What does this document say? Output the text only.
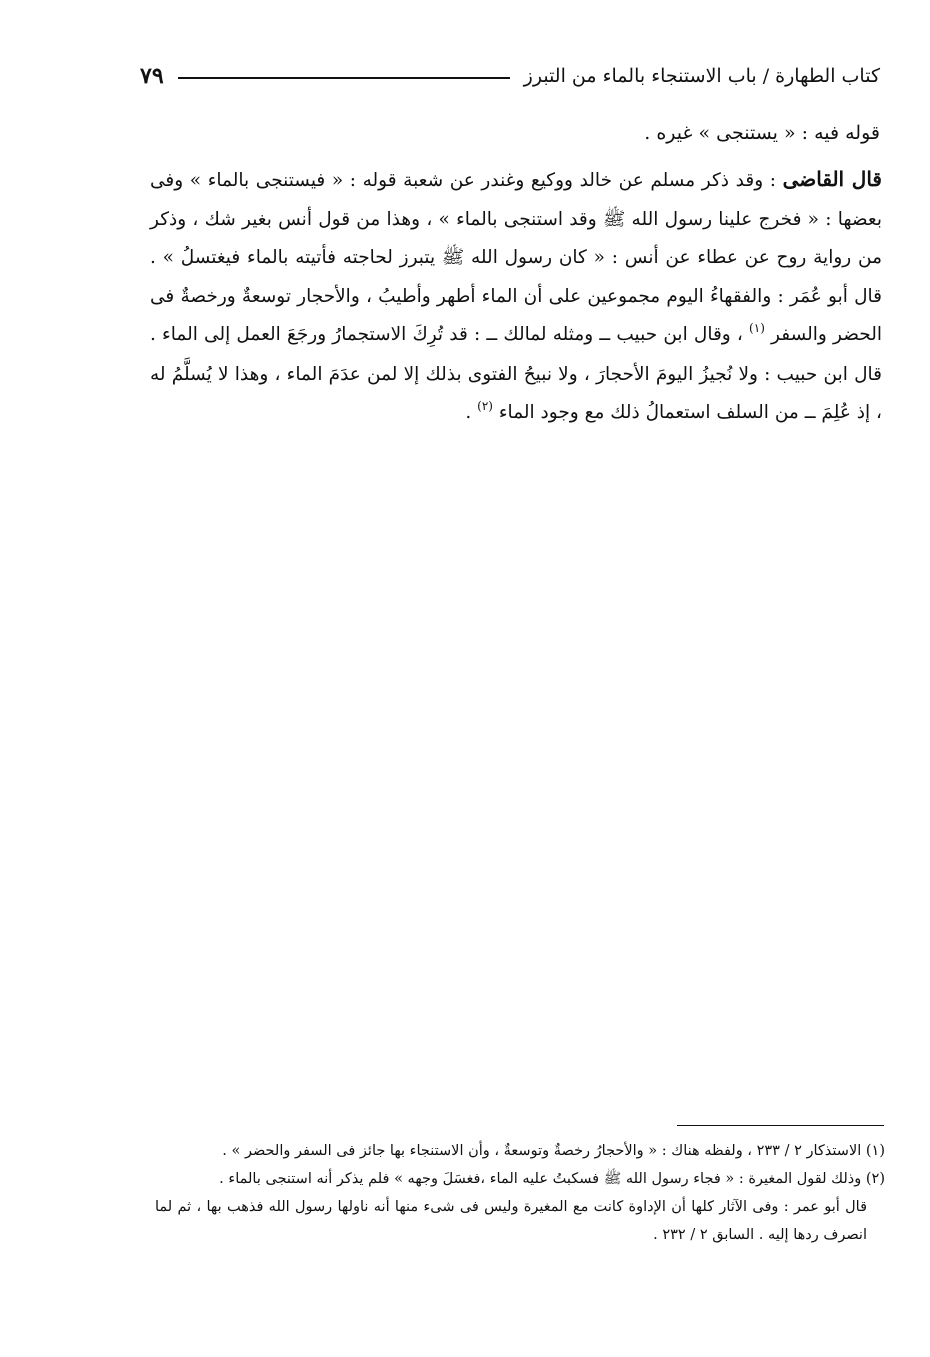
كتاب الطهارة / باب الاستنجاء بالماء من التبرز
٧٩
قوله فيه : « يستنجى » غيره .
قال القاضى : وقد ذكر مسلم عن خالد ووكيع وغندر عن شعبة قوله : « فيستنجى بالماء » وفى بعضها : « فخرج علينا رسول الله ﷺ وقد استنجى بالماء » ، وهذا من قول أنس بغير شك ، وذكر من رواية روح عن عطاء عن أنس : « كان رسول الله ﷺ يتبرز لحاجته فأتيته بالماء فيغتسلُ » . قال أبو عُمَر : والفقهاءُ اليوم مجموعين على أن الماء أطهر وأطيبُ ، والأحجار توسعةٌ ورخصةٌ فى الحضر والسفر $^{(١)}$ ، وقال ابن حبيب ــ ومثله لمالك ــ : قد تُرِكَ الاستجمارُ ورجَعَ العمل إلى الماء . قال ابن حبيب : ولا نُجيزُ اليومَ الأحجارَ ، ولا نبيحُ الفتوى بذلك إلا لمن عدَمَ الماء ، وهذا لا يُسلَّمُ له ، إذ عُلِمَ ــ من السلف استعمالُ ذلك مع وجود الماء $^{(٢)}$ .

(١) الاستذكار ٢ / ٢٣٣ ، ولفظه هناك : « والأحجارُ رخصةٌ وتوسعةٌ ، وأن الاستنجاء بها جائز فى السفر والحضر » .

(٢) وذلك لقول المغيرة : « فجاء رسول الله ﷺ فسكبتُ عليه الماء ،فغسَلَ وجهه » فلم يذكر أنه استنجى بالماء .

قال أبو عمر : وفى الآثار كلها أن الإداوة كانت مع المغيرة وليس فى شىء منها أنه ناولها رسول الله فذهب بها ، ثم لما انصرف ردها إليه . السابق ٢ / ٢٣٢ .
